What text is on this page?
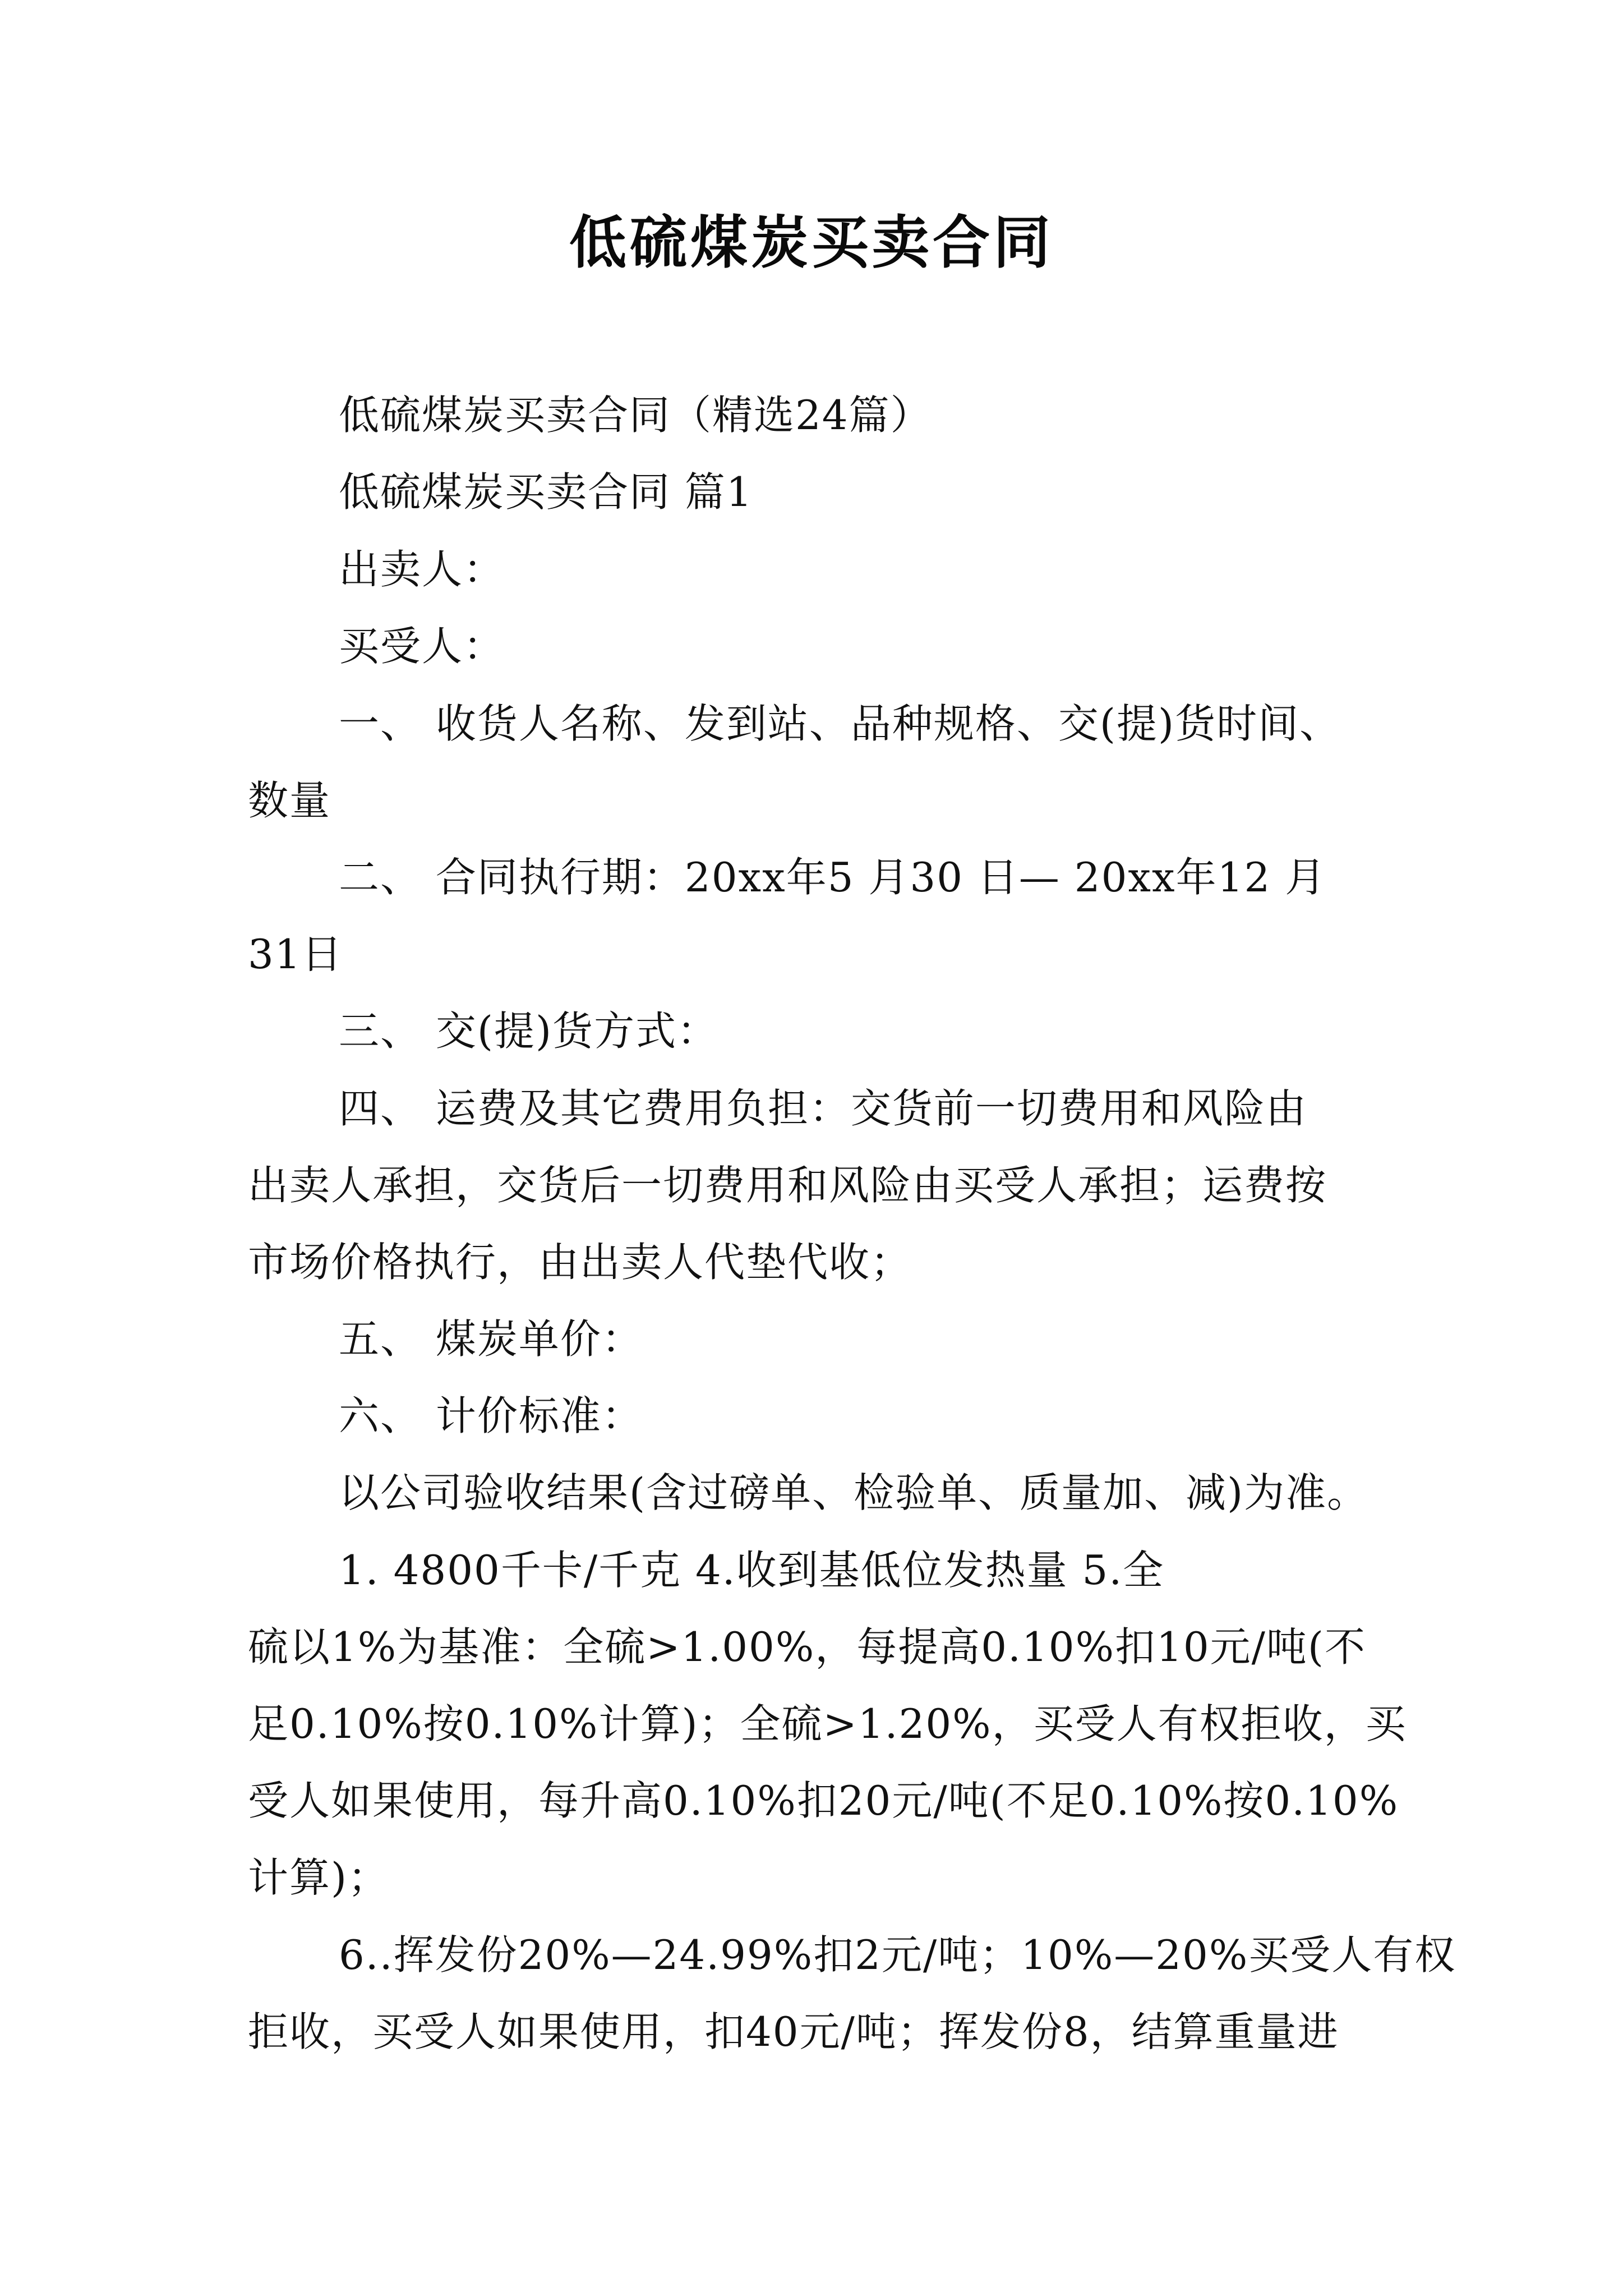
低硫煤炭买卖合同
低硫煤炭买卖合同（精选24篇）
低硫煤炭买卖合同 篇1
出卖人：
买受人：
一、 收货人名称、发到站、品种规格、交(提)货时间、
数量
二、 合同执行期：20xx年5 月30 日— 20xx年12 月
31日
三、 交(提)货方式：
四、 运费及其它费用负担：交货前一切费用和风险由
出卖人承担，交货后一切费用和风险由买受人承担；运费按
市场价格执行，由出卖人代垫代收；
五、 煤炭单价：
六、 计价标准：
以公司验收结果(含过磅单、检验单、质量加、减)为准。
1. 4800千卡/千克 4.收到基低位发热量 5.全
硫以1%为基准：全硫>1.00%，每提高0.10%扣10元/吨(不
足0.10%按0.10%计算)；全硫>1.20%，买受人有权拒收，买
受人如果使用，每升高0.10%扣20元/吨(不足0.10%按0.10%
计算)；
6..挥发份20%—24.99%扣2元/吨；10%—20%买受人有权
拒收，买受人如果使用，扣40元/吨；挥发份8，结算重量进
